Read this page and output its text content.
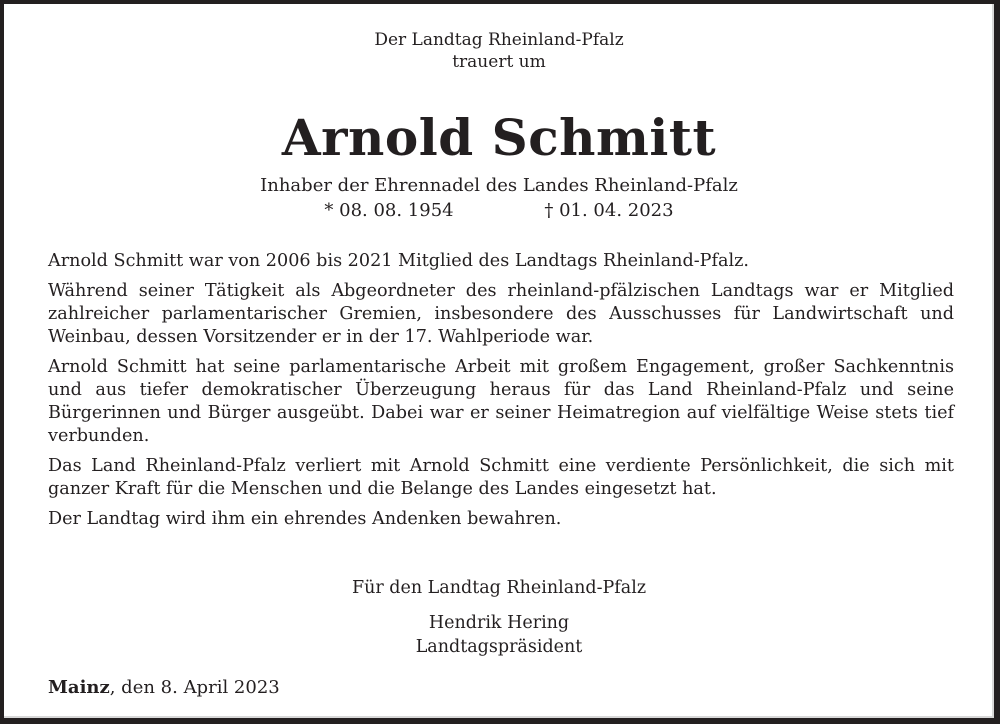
Der Landtag Rheinland-Pfalz
trauert um
Arnold Schmitt
Inhaber der Ehrennadel des Landes Rheinland-Pfalz
* 08. 08. 1954	† 01. 04. 2023

Arnold Schmitt war von 2006 bis 2021 Mitglied des Landtags Rheinland-Pfalz.

Während seiner Tätigkeit als Abgeordneter des rheinland-pfälzischen Landtags war er Mitglied zahlreicher parlamentarischer Gremien, insbesondere des Ausschusses für Landwirtschaft und Weinbau, dessen Vorsitzender er in der 17. Wahlperiode war.

Arnold Schmitt hat seine parlamentarische Arbeit mit großem Engagement, großer Sachkenntnis und aus tiefer demokratischer Überzeugung heraus für das Land Rheinland-Pfalz und seine Bürgerinnen und Bürger ausgeübt. Dabei war er seiner Heimatregion auf vielfältige Weise stets tief verbunden.

Das Land Rheinland-Pfalz verliert mit Arnold Schmitt eine verdiente Persönlichkeit, die sich mit ganzer Kraft für die Menschen und die Belange des Landes eingesetzt hat.

Der Landtag wird ihm ein ehrendes Andenken bewahren.

Für den Landtag Rheinland-Pfalz
Hendrik Hering
Landtagspräsident
Mainz, den 8. April 2023
